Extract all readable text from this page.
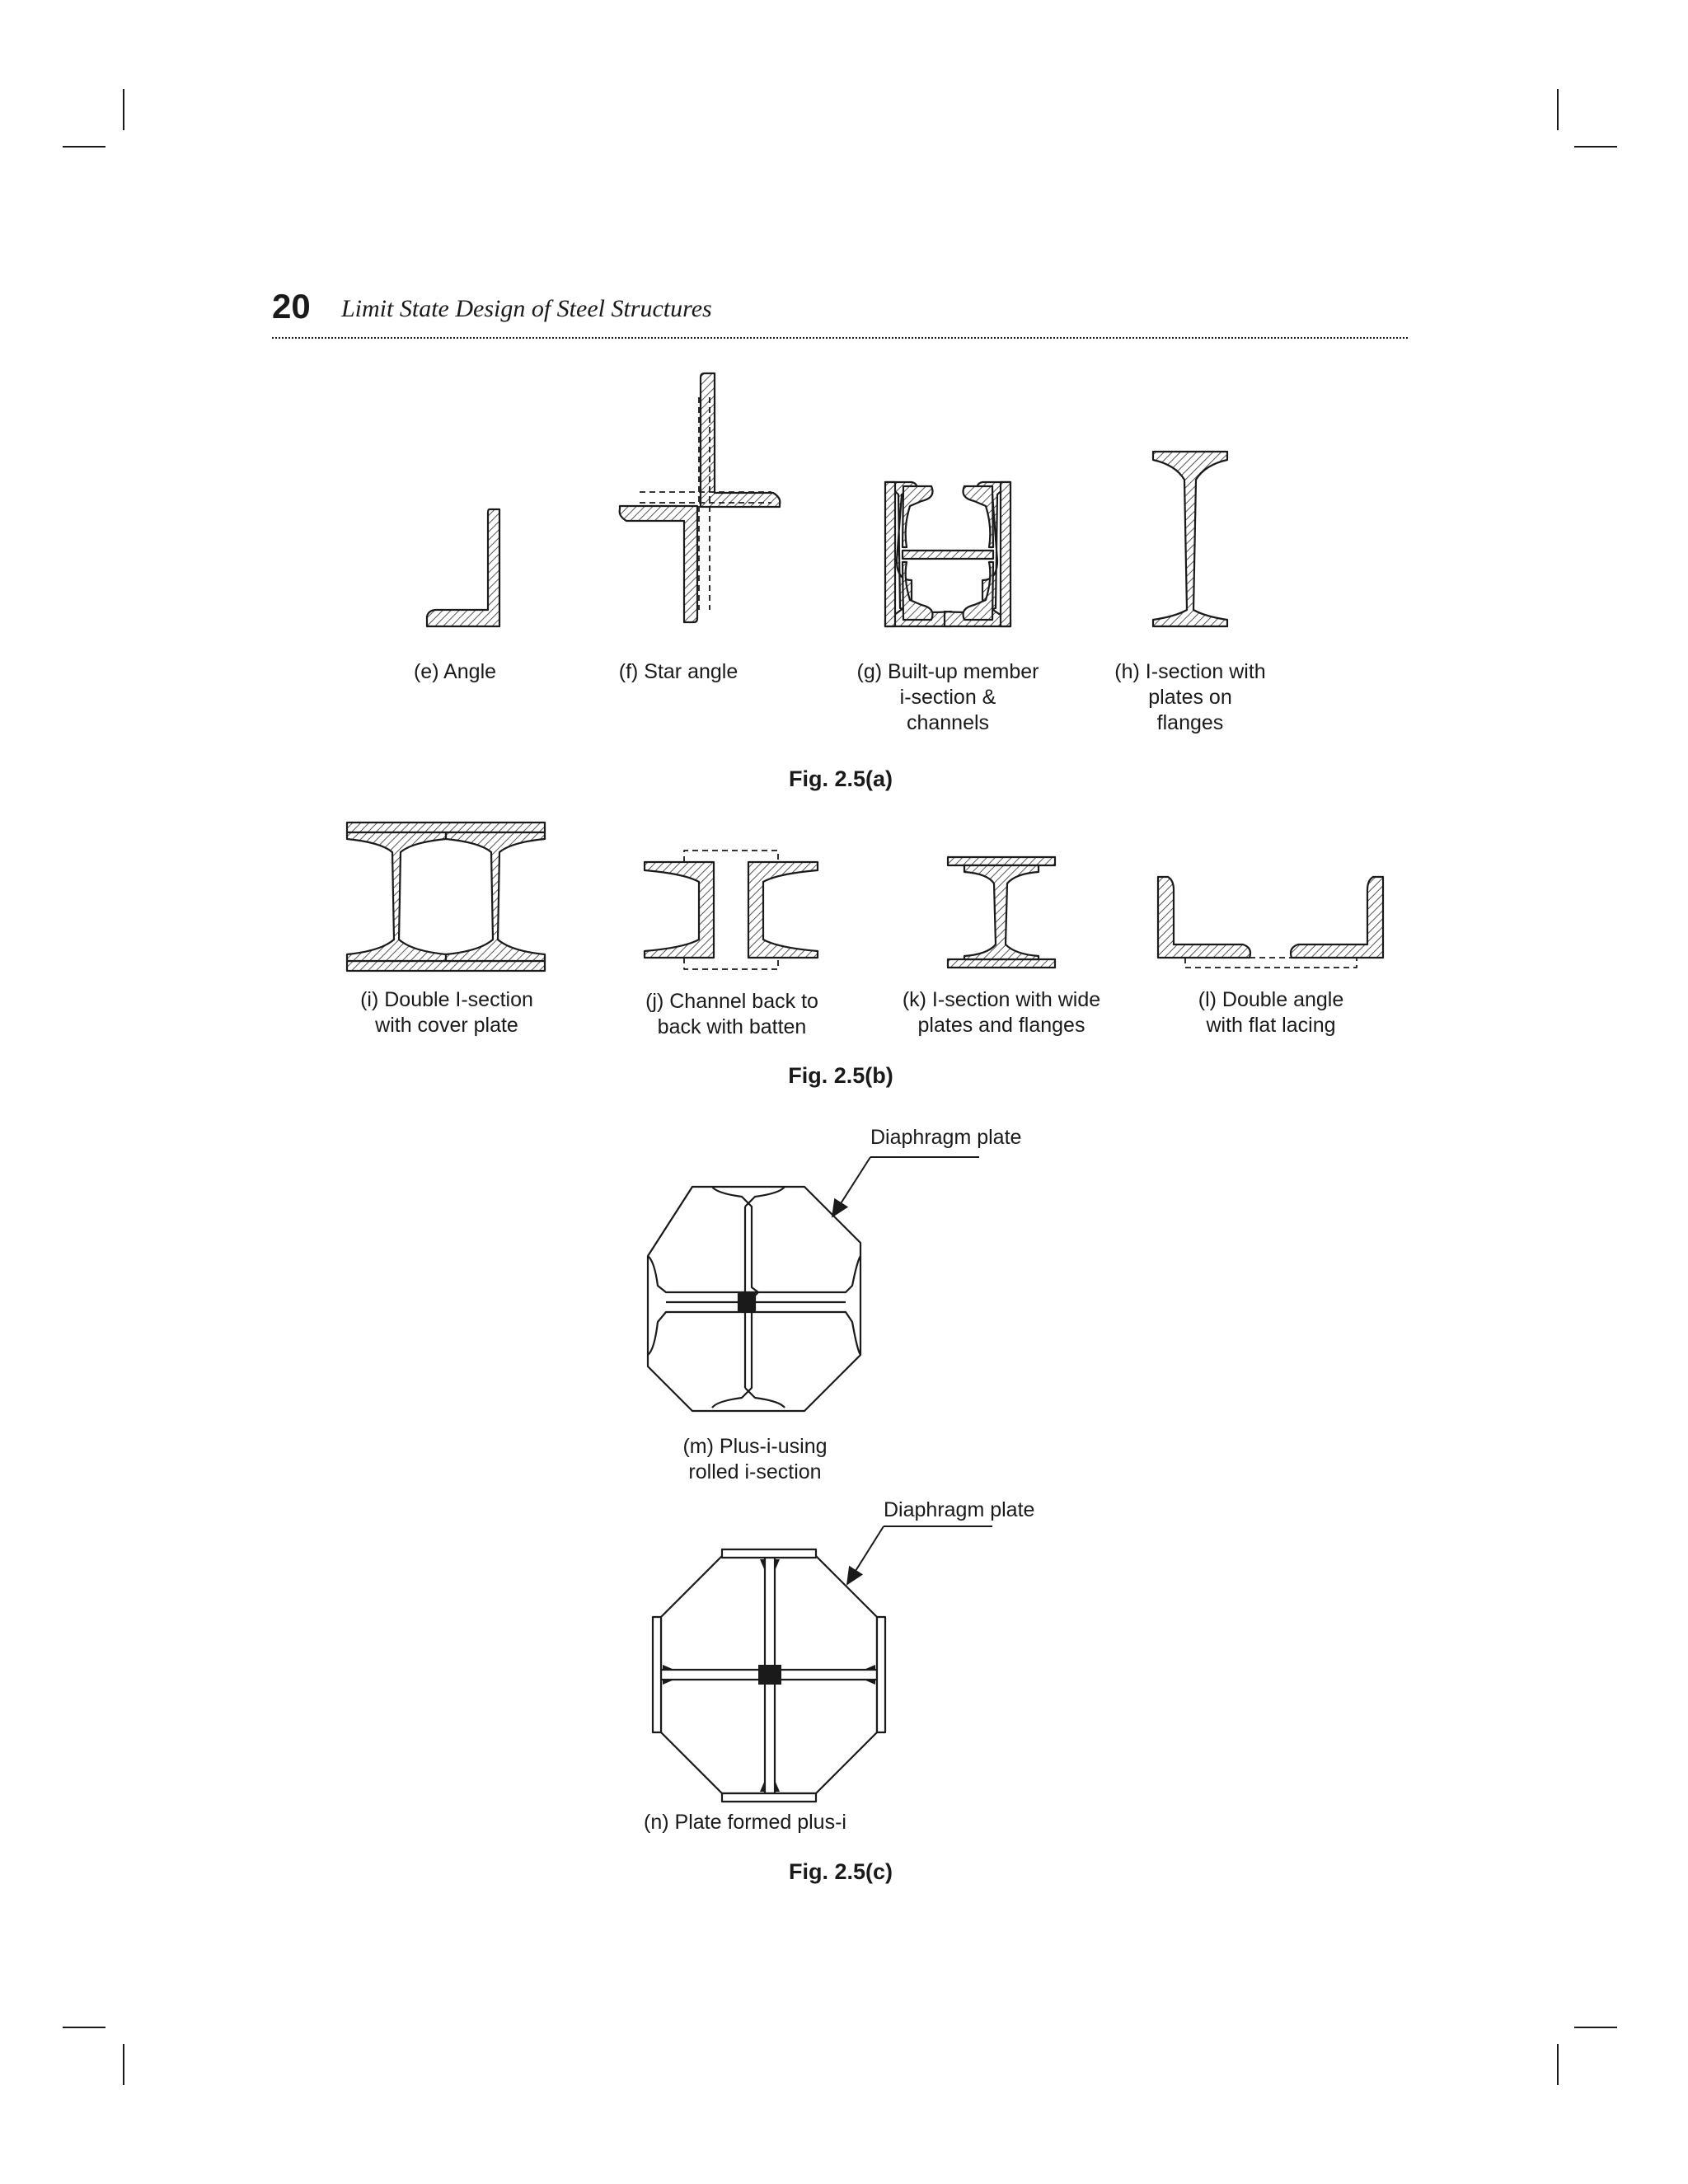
20 Limit State Design of Steel Structures
(e) Angle	(f) Star angle	(g) Built-up member
i-section &
channels
(h) I-section with
plates on
flanges
Fig. 2.5(a)
(i) Double I-section
with cover plate
(j) Channel back to
back with batten
(k) I-section with wide
plates and flanges
(l) Double angle
with flat lacing
Fig. 2.5(b)
Diaphragm plate
(m) Plus-i-using
rolled i-section
Diaphragm plate
(n) Plate formed plus-i
Fig. 2.5(c)
